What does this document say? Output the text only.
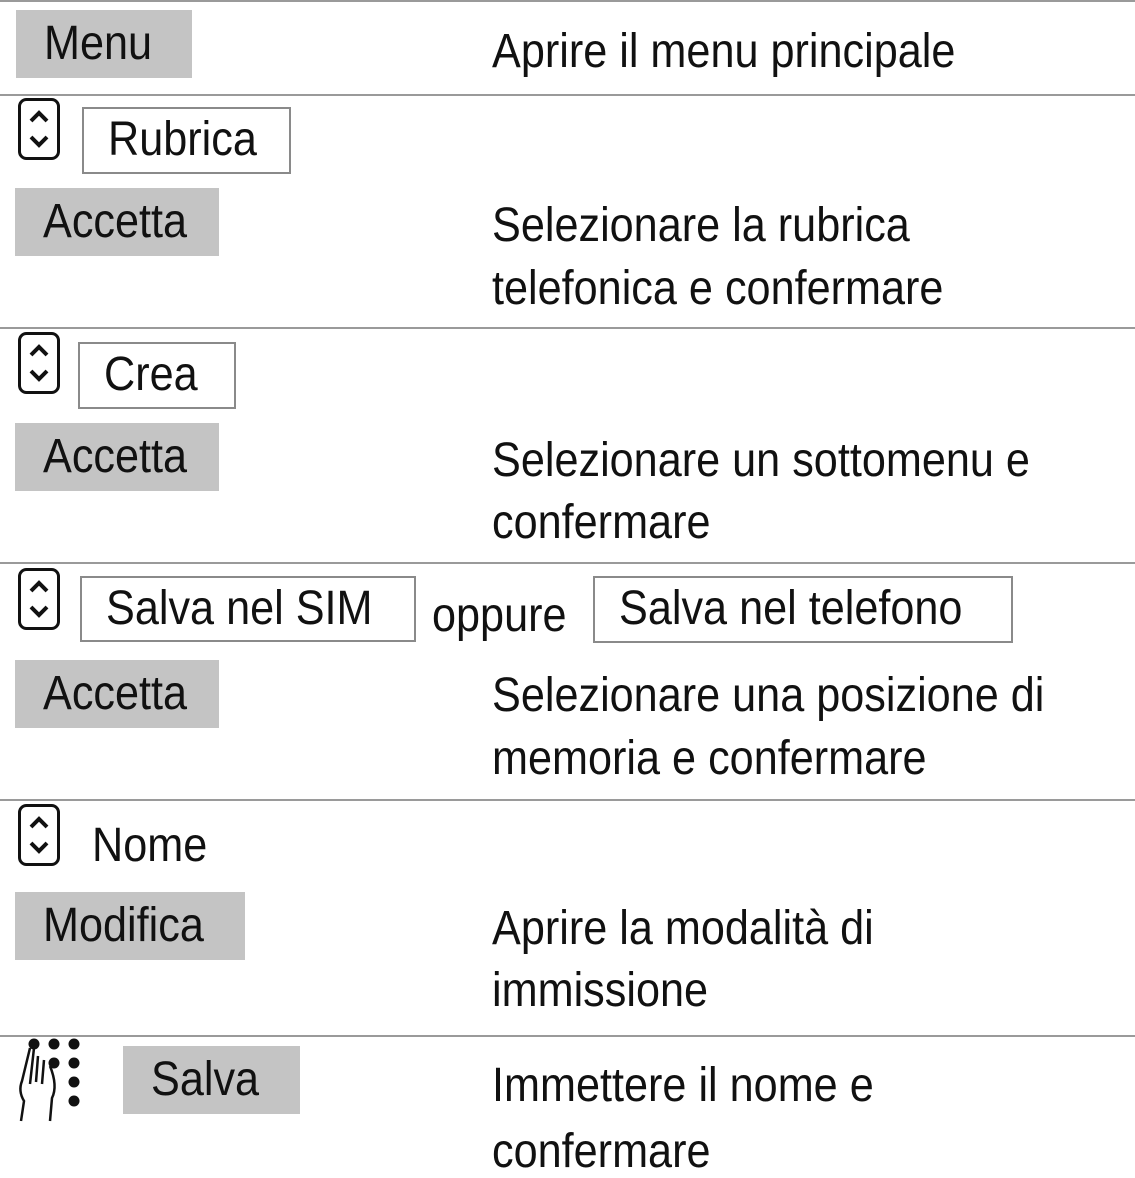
Menu	Aprire il menu principale
Rubrica
Accetta	Selezionare la rubrica
telefonica e confermare
Crea
Accetta	Selezionare un sottomenu e
confermare
Salva nel SIM	oppure	Salva nel telefono
Accetta	Selezionare una posizione di
memoria e confermare
Nome
Modifica	Aprire la modalità di
immissione
Salva	Immettere il nome e
confermare
